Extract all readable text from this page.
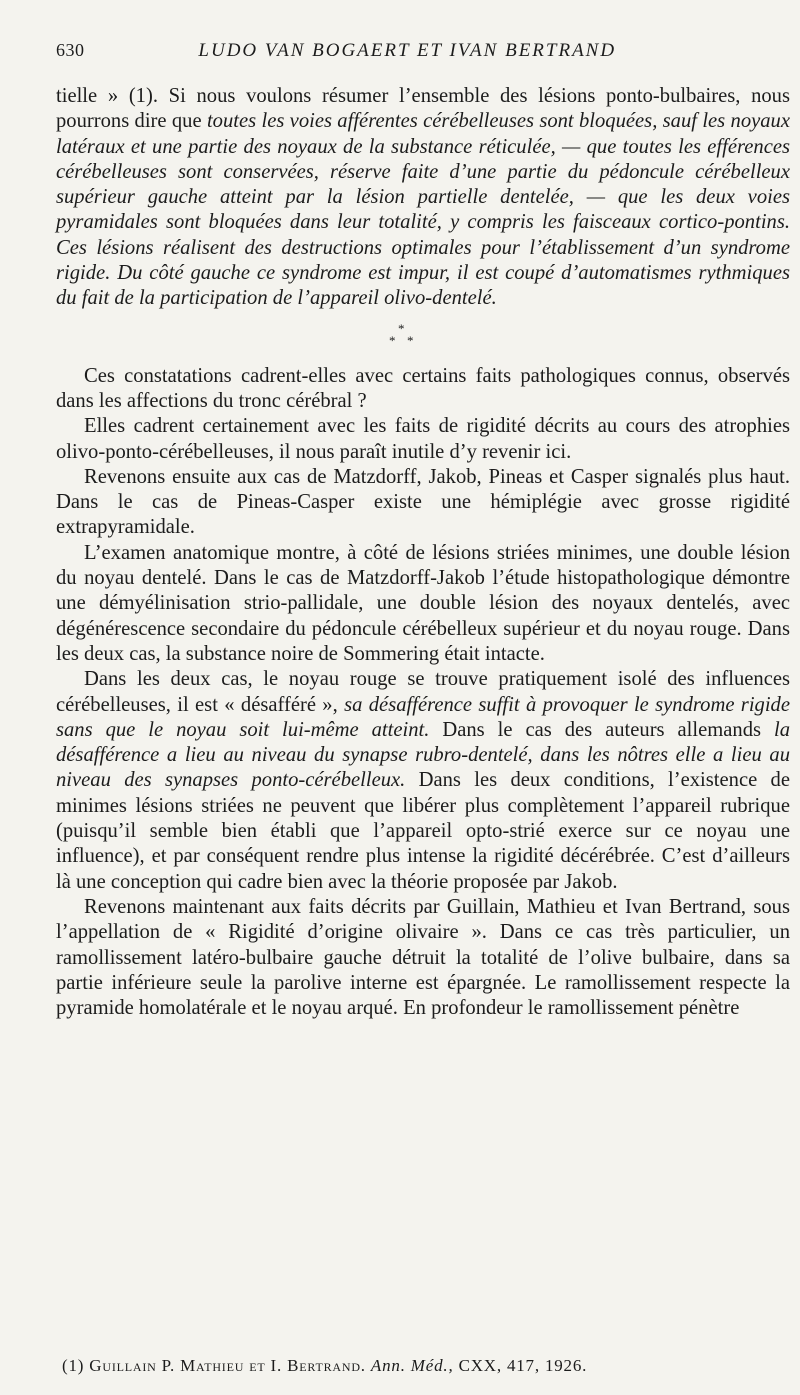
630	LUDO VAN BOGAERT ET IVAN BERTRAND

tielle » (1). Si nous voulons résumer l’ensemble des lésions ponto-bulbaires, nous pourrons dire que toutes les voies afférentes cérébelleuses sont bloquées, sauf les noyaux latéraux et une partie des noyaux de la substance réticulée, — que toutes les efférences cérébelleuses sont conservées, réserve faite d’une partie du pédoncule cérébelleux supérieur gauche atteint par la lésion partielle dentelée, — que les deux voies pyramidales sont bloquées dans leur totalité, y compris les faisceaux cortico-pontins. Ces lésions réalisent des destructions optimales pour l’établissement d’un syndrome rigide. Du côté gauche ce syndrome est impur, il est coupé d’automatismes rythmiques du fait de la participation de l’appareil olivo-dentelé.

*
* *

Ces constatations cadrent-elles avec certains faits pathologiques connus, observés dans les affections du tronc cérébral ?

Elles cadrent certainement avec les faits de rigidité décrits au cours des atrophies olivo-ponto-cérébelleuses, il nous paraît inutile d’y revenir ici.

Revenons ensuite aux cas de Matzdorff, Jakob, Pineas et Casper signalés plus haut. Dans le cas de Pineas-Casper existe une hémiplégie avec grosse rigidité extrapyramidale.

L’examen anatomique montre, à côté de lésions striées minimes, une double lésion du noyau dentelé. Dans le cas de Matzdorff-Jakob l’étude histopathologique démontre une démyélinisation strio-pallidale, une double lésion des noyaux dentelés, avec dégénérescence secondaire du pédoncule cérébelleux supérieur et du noyau rouge. Dans les deux cas, la substance noire de Sommering était intacte.

Dans les deux cas, le noyau rouge se trouve pratiquement isolé des influences cérébelleuses, il est « désafféré », sa désafférence suffit à provoquer le syndrome rigide sans que le noyau soit lui-même atteint. Dans le cas des auteurs allemands la désafférence a lieu au niveau du synapse rubro-dentelé, dans les nôtres elle a lieu au niveau des synapses ponto-cérébelleux. Dans les deux conditions, l’existence de minimes lésions striées ne peuvent que libérer plus complètement l’appareil rubrique (puisqu’il semble bien établi que l’appareil opto-strié exerce sur ce noyau une influence), et par conséquent rendre plus intense la rigidité décérébrée. C’est d’ailleurs là une conception qui cadre bien avec la théorie proposée par Jakob.

Revenons maintenant aux faits décrits par Guillain, Mathieu et Ivan Bertrand, sous l’appellation de « Rigidité d’origine olivaire ». Dans ce cas très particulier, un ramollissement latéro-bulbaire gauche détruit la totalité de l’olive bulbaire, dans sa partie inférieure seule la parolive interne est épargnée. Le ramollissement respecte la pyramide homolatérale et le noyau arqué. En profondeur le ramollissement pénètre

(1) Guillain P. Mathieu et I. Bertrand. Ann. Méd., CXX, 417, 1926.
